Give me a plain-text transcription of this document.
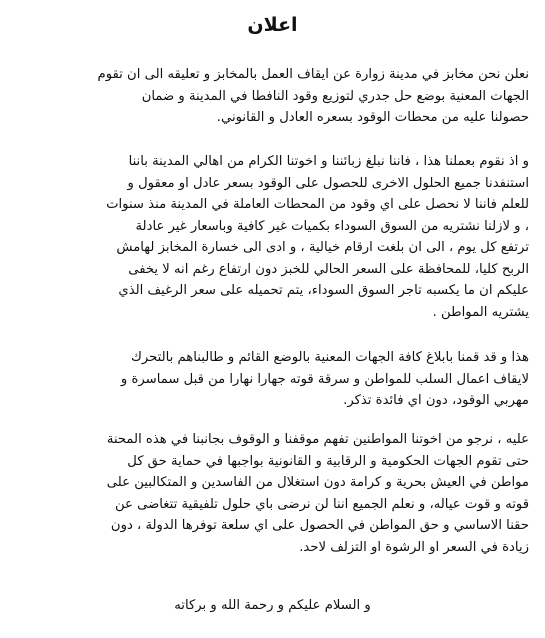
اعلان
نعلن نحن مخابز في مدينة زوارة عن ايقاف العمل بالمخابز و تعليقه الى ان تقوم
الجهات المعنية بوضع حل جدري لتوزيع وقود النافطا في المدينة و ضمان
حصولنا عليه من محطات الوقود بسعره العادل و القانوني.
و اذ نقوم بعملنا هذا ، فاننا نبلغ زبائننا و اخوتنا الكرام من اهالي المدينة باننا
استنفدنا جميع الحلول الاخرى للحصول على الوقود بسعر عادل او معقول و
للعلم فاننا لا نحصل على اي وقود من المحطات العاملة في المدينة منذ سنوات
، و لازلنا نشتريه من السوق السوداء بكميات غير كافية وباسعار غير عادلة
ترتفع كل يوم ، الى ان بلغت ارقام خيالية ، و ادى الى خسارة المخابز لهامش
الربح كليا، للمحافظة على السعر الحالي للخبز دون ارتفاع رغم انه لا يخفى
عليكم ان ما يكسبه تاجر السوق السوداء، يتم تحميله على سعر الرغيف الذي
يشتريه المواطن .
هذا و قد قمنا بابلاغ كافة الجهات المعنية بالوضع القائم و طالبناهم بالتحرك
لايقاف اعمال السلب للمواطن و سرقة قوته جهارا نهارا من قبل سماسرة و
مهربي الوقود، دون اي فائدة تذكر.
عليه ، نرجو من اخوتنا المواطنين تفهم موقفنا و الوقوف بجانبنا في هذه المحنة
حتى تقوم الجهات الحكومية و الرقابية و القانونية بواجبها في حماية حق كل
مواطن في العيش بحرية و كرامة دون استغلال من الفاسدين و المتكالبين على
قوته و قوت عياله، و نعلم الجميع اننا لن نرضى باي حلول تلفيقية تتغاضى عن
حقنا الاساسي و حق المواطن في الحصول على اي سلعة توفرها الدولة ، دون
زيادة في السعر او الرشوة او التزلف لاحد.
و السلام عليكم و رحمة الله و بركاته
